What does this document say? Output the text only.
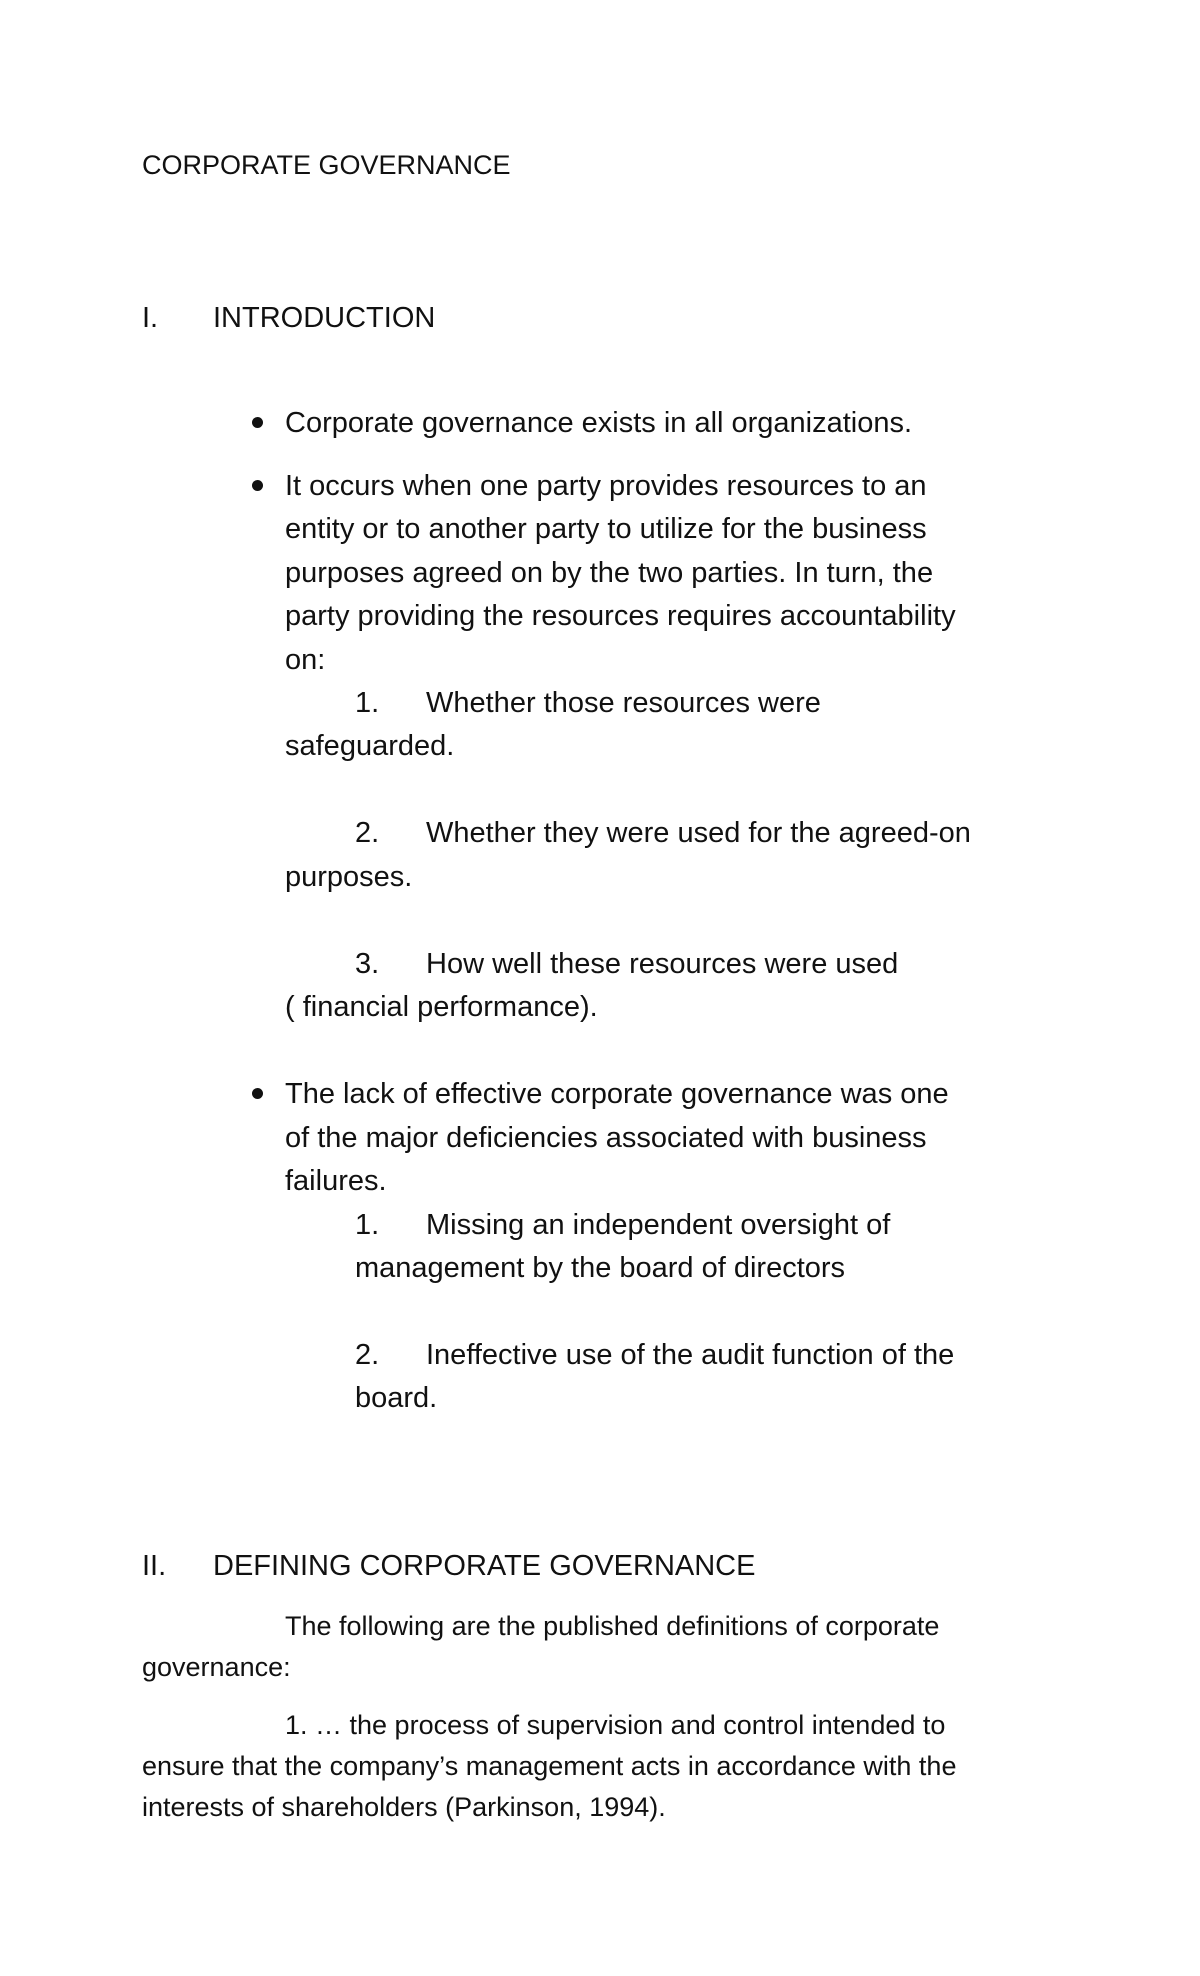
CORPORATE GOVERNANCE
I. INTRODUCTION
Corporate governance exists in all organizations.
It occurs when one party provides resources to an
entity or to another party to utilize for the business
purposes agreed on by the two parties. In turn, the
party providing the resources requires accountability
on:
1. Whether those resources were
safeguarded.
2. Whether they were used for the agreed-on
purposes.
3. How well these resources were used
( financial performance).
The lack of effective corporate governance was one
of the major deficiencies associated with business
failures.
1. Missing an independent oversight of
management by the board of directors
2. Ineffective use of the audit function of the
board.
II. DEFINING CORPORATE GOVERNANCE
The following are the published definitions of corporate
governance:
1. … the process of supervision and control intended to
ensure that the company’s management acts in accordance with the
interests of shareholders (Parkinson, 1994).
